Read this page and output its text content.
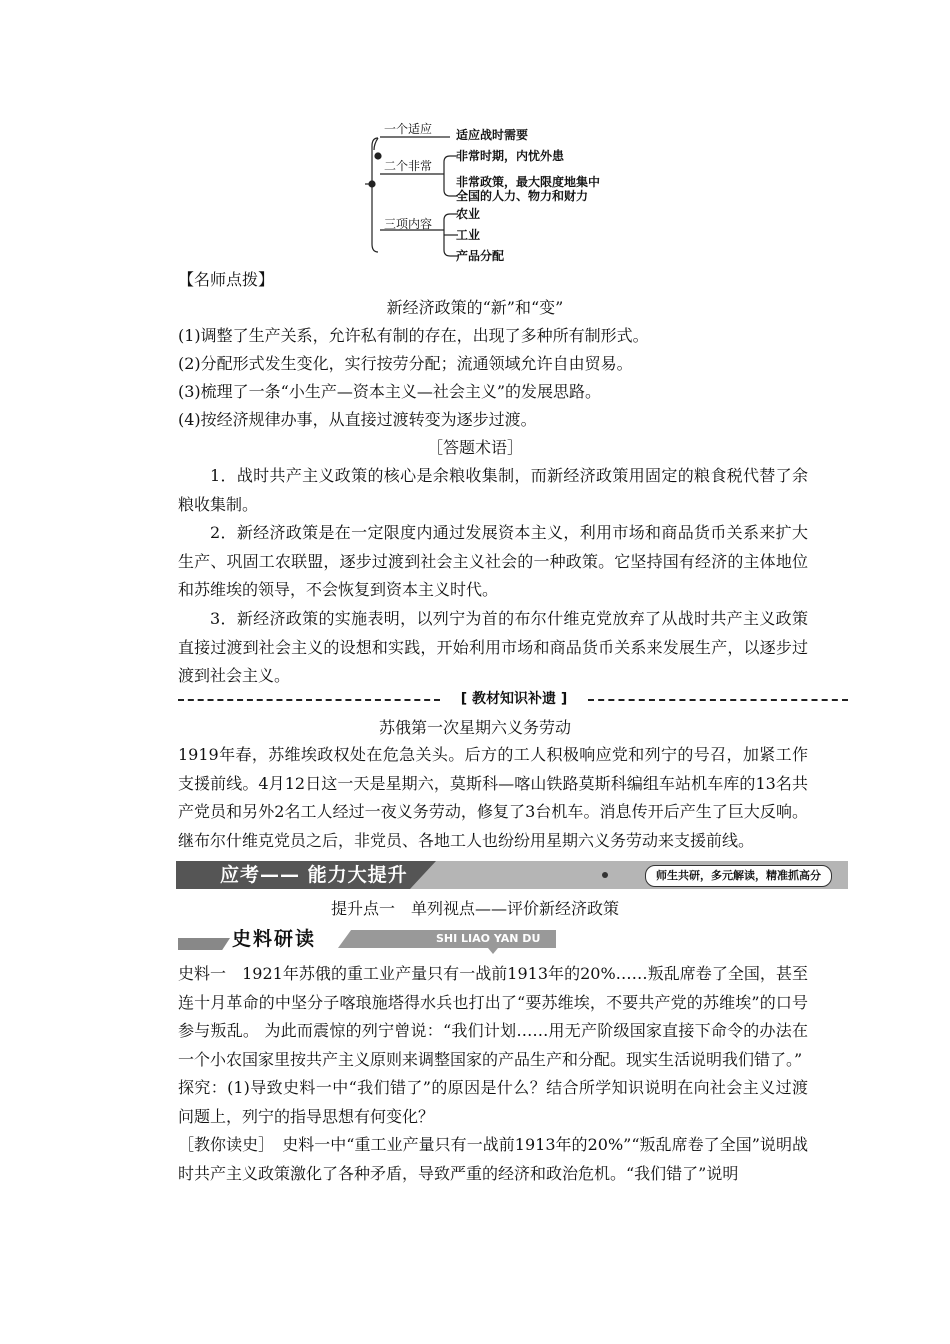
一个适应 适应战时需要
二个非常
非常时期，内忧外患
非常政策，最大限度地集中
全国的人力、物力和财力
三项内容
农业
工业
产品分配
【名师点拨】
新经济政策的“新”和“变”
(1)调整了生产关系，允许私有制的存在，出现了多种所有制形式。
(2)分配形式发生变化，实行按劳分配；流通领域允许自由贸易。
(3)梳理了一条“小生产—资本主义—社会主义”的发展思路。
(4)按经济规律办事，从直接过渡转变为逐步过渡。
［答题术语］
1．战时共产主义政策的核心是余粮收集制，而新经济政策用固定的粮食税代替了余粮收集制。
2．新经济政策是在一定限度内通过发展资本主义，利用市场和商品货币关系来扩大生产、巩固工农联盟，逐步过渡到社会主义社会的一种政策。它坚持国有经济的主体地位和苏维埃的领导，不会恢复到资本主义时代。
3．新经济政策的实施表明，以列宁为首的布尔什维克党放弃了从战时共产主义政策直接过渡到社会主义的设想和实践，开始利用市场和商品货币关系来发展生产，以逐步过渡到社会主义。
[ 教材知识补遗 ]
苏俄第一次星期六义务劳动
1919年春，苏维埃政权处在危急关头。后方的工人积极响应党和列宁的号召，加紧工作支援前线。4月12日这一天是星期六，莫斯科—喀山铁路莫斯科编组车站机车库的13名共产党员和另外2名工人经过一夜义务劳动，修复了3台机车。消息传开后产生了巨大反响。继布尔什维克党员之后，非党员、各地工人也纷纷用星期六义务劳动来支援前线。
应考—— 能力大提升	师生共研，多元解读，精准抓高分
提升点一　单列视点——评价新经济政策
史料研读	SHI LIAO YAN DU
史料一　1921年苏俄的重工业产量只有一战前1913年的20%……叛乱席卷了全国，甚至连十月革命的中坚分子喀琅施塔得水兵也打出了“要苏维埃，不要共产党的苏维埃”的口号参与叛乱。 为此而震惊的列宁曾说：“我们计划……用无产阶级国家直接下命令的办法在一个小农国家里按共产主义原则来调整国家的产品生产和分配。现实生活说明我们错了。”
探究：(1)导致史料一中“我们错了”的原因是什么？结合所学知识说明在向社会主义过渡问题上，列宁的指导思想有何变化？
［教你读史］　史料一中“重工业产量只有一战前1913年的20%”“叛乱席卷了全国”说明战时共产主义政策激化了各种矛盾，导致严重的经济和政治危机。“我们错了”说明
